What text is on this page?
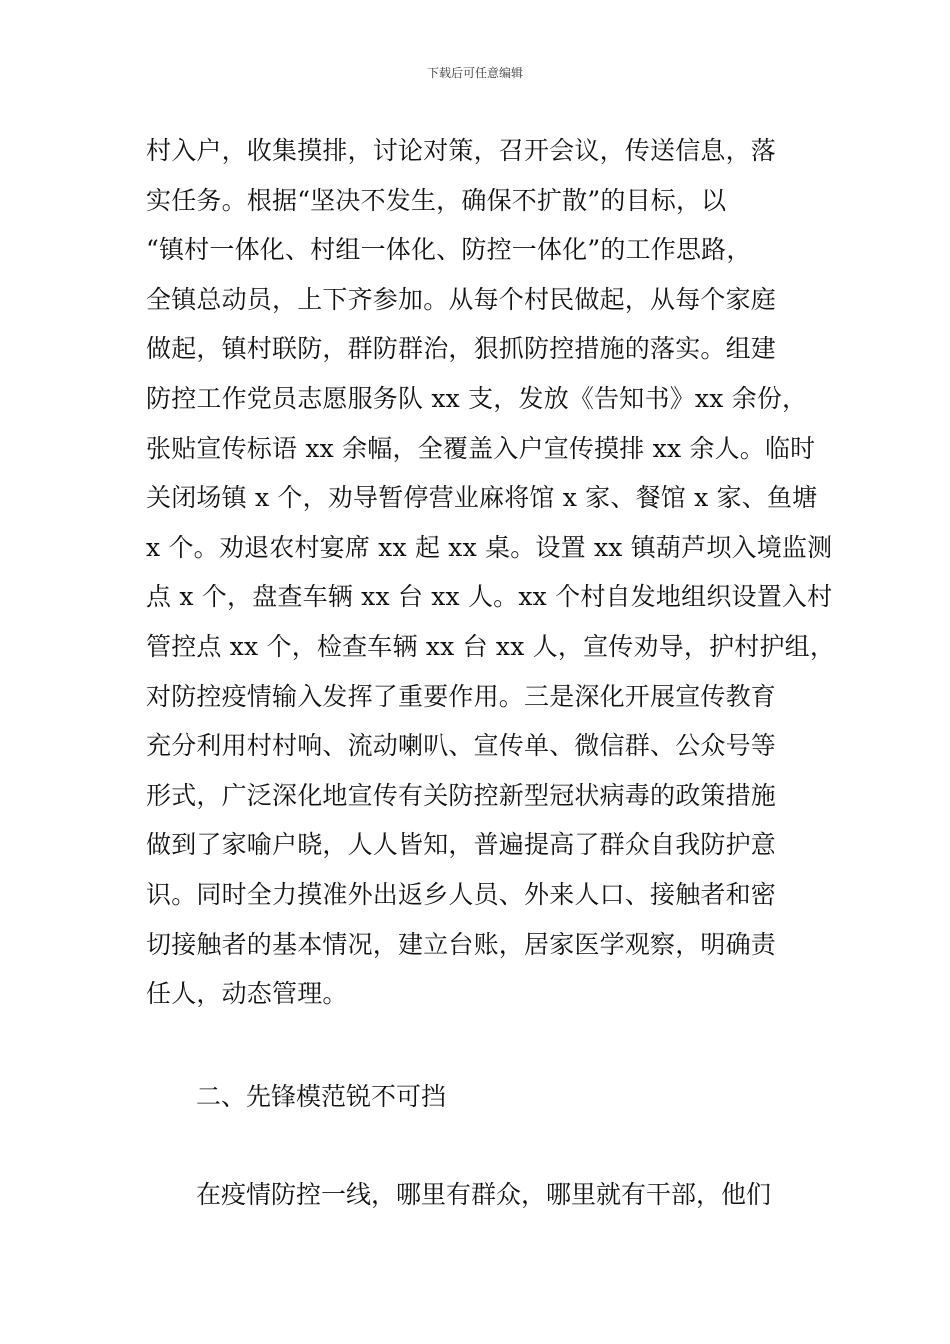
下载后可任意编辑
村入户，收集摸排，讨论对策，召开会议，传送信息，落
实任务。根据“坚决不发生，确保不扩散”的目标，以
“镇村一体化、村组一体化、防控一体化”的工作思路，
全镇总动员，上下齐参加。从每个村民做起，从每个家庭
做起，镇村联防，群防群治，狠抓防控措施的落实。组建
防控工作党员志愿服务队 xx 支，发放《告知书》xx 余份，
张贴宣传标语 xx 余幅，全覆盖入户宣传摸排 xx 余人。临时
关闭场镇 x 个，劝导暂停营业麻将馆 x 家、餐馆 x 家、鱼塘
x 个。劝退农村宴席 xx 起 xx 桌。设置 xx 镇葫芦坝入境监测
点 x 个，盘查车辆 xx 台 xx 人。xx 个村自发地组织设置入村
管控点 xx 个，检查车辆 xx 台 xx 人，宣传劝导，护村护组，
对防控疫情输入发挥了重要作用。三是深化开展宣传教育
充分利用村村响、流动喇叭、宣传单、微信群、公众号等
形式，广泛深化地宣传有关防控新型冠状病毒的政策措施
做到了家喻户晓，人人皆知，普遍提高了群众自我防护意
识。同时全力摸准外出返乡人员、外来人口、接触者和密
切接触者的基本情况，建立台账，居家医学观察，明确责
任人，动态管理。
二、先锋模范锐不可挡
在疫情防控一线，哪里有群众，哪里就有干部，他们
